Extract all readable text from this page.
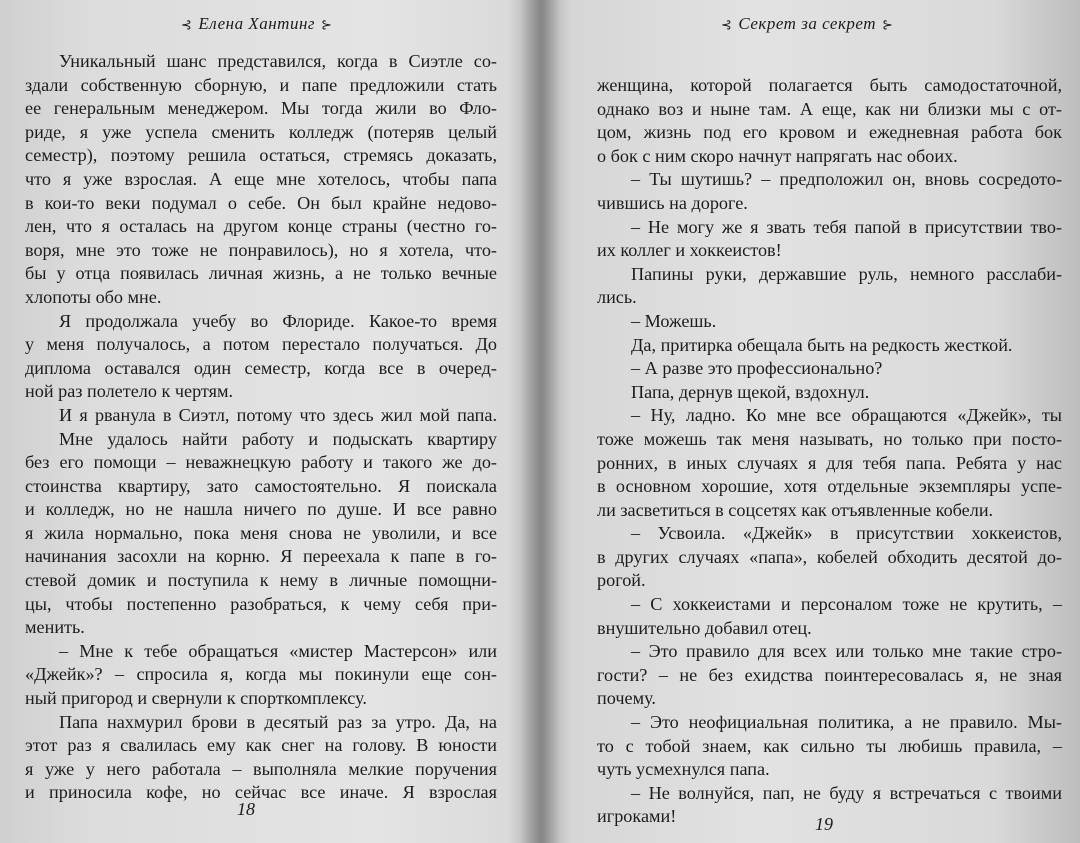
⊰ Елена Хантинг ⊱
Уникальный шанс представился, когда в Сиэтле со-
здали собственную сборную, и папе предложили стать
ее генеральным менеджером. Мы тогда жили во Фло-
риде, я уже успела сменить колледж (потеряв целый
семестр), поэтому решила остаться, стремясь доказать,
что я уже взрослая. А еще мне хотелось, чтобы папа
в кои-то веки подумал о себе. Он был крайне недово-
лен, что я осталась на другом конце страны (честно го-
воря, мне это тоже не понравилось), но я хотела, что-
бы у отца появилась личная жизнь, а не только вечные
хлопоты обо мне.
Я продолжала учебу во Флориде. Какое-то время
у меня получалось, а потом перестало получаться. До
диплома оставался один семестр, когда все в очеред-
ной раз полетело к чертям.
И я рванула в Сиэтл, потому что здесь жил мой папа.
Мне удалось найти работу и подыскать квартиру
без его помощи – неважнецкую работу и такого же до-
стоинства квартиру, зато самостоятельно. Я поискала
и колледж, но не нашла ничего по душе. И все равно
я жила нормально, пока меня снова не уволили, и все
начинания засохли на корню. Я переехала к папе в го-
стевой домик и поступила к нему в личные помощни-
цы, чтобы постепенно разобраться, к чему себя при-
менить.
– Мне к тебе обращаться «мистер Мастерсон» или
«Джейк»? – спросила я, когда мы покинули еще сон-
ный пригород и свернули к спорткомплексу.
Папа нахмурил брови в десятый раз за утро. Да, на
этот раз я свалилась ему как снег на голову. В юности
я уже у него работала – выполняла мелкие поручения
и приносила кофе, но сейчас все иначе. Я взрослая
18
⊰ Секрет за секрет ⊱
женщина, которой полагается быть самодостаточной,
однако воз и ныне там. А еще, как ни близки мы с от-
цом, жизнь под его кровом и ежедневная работа бок
о бок с ним скоро начнут напрягать нас обоих.
– Ты шутишь? – предположил он, вновь сосредото-
чившись на дороге.
– Не могу же я звать тебя папой в присутствии тво-
их коллег и хоккеистов!
Папины руки, державшие руль, немного расслаби-
лись.
– Можешь.
Да, притирка обещала быть на редкость жесткой.
– А разве это профессионально?
Папа, дернув щекой, вздохнул.
– Ну, ладно. Ко мне все обращаются «Джейк», ты
тоже можешь так меня называть, но только при посто-
ронних, в иных случаях я для тебя папа. Ребята у нас
в основном хорошие, хотя отдельные экземпляры успе-
ли засветиться в соцсетях как отъявленные кобели.
– Усвоила. «Джейк» в присутствии хоккеистов,
в других случаях «папа», кобелей обходить десятой до-
рогой.
– С хоккеистами и персоналом тоже не крутить, –
внушительно добавил отец.
– Это правило для всех или только мне такие стро-
гости? – не без ехидства поинтересовалась я, не зная
почему.
– Это неофициальная политика, а не правило. Мы-
то с тобой знаем, как сильно ты любишь правила, –
чуть усмехнулся папа.
– Не волнуйся, пап, не буду я встречаться с твоими
игроками!	19
